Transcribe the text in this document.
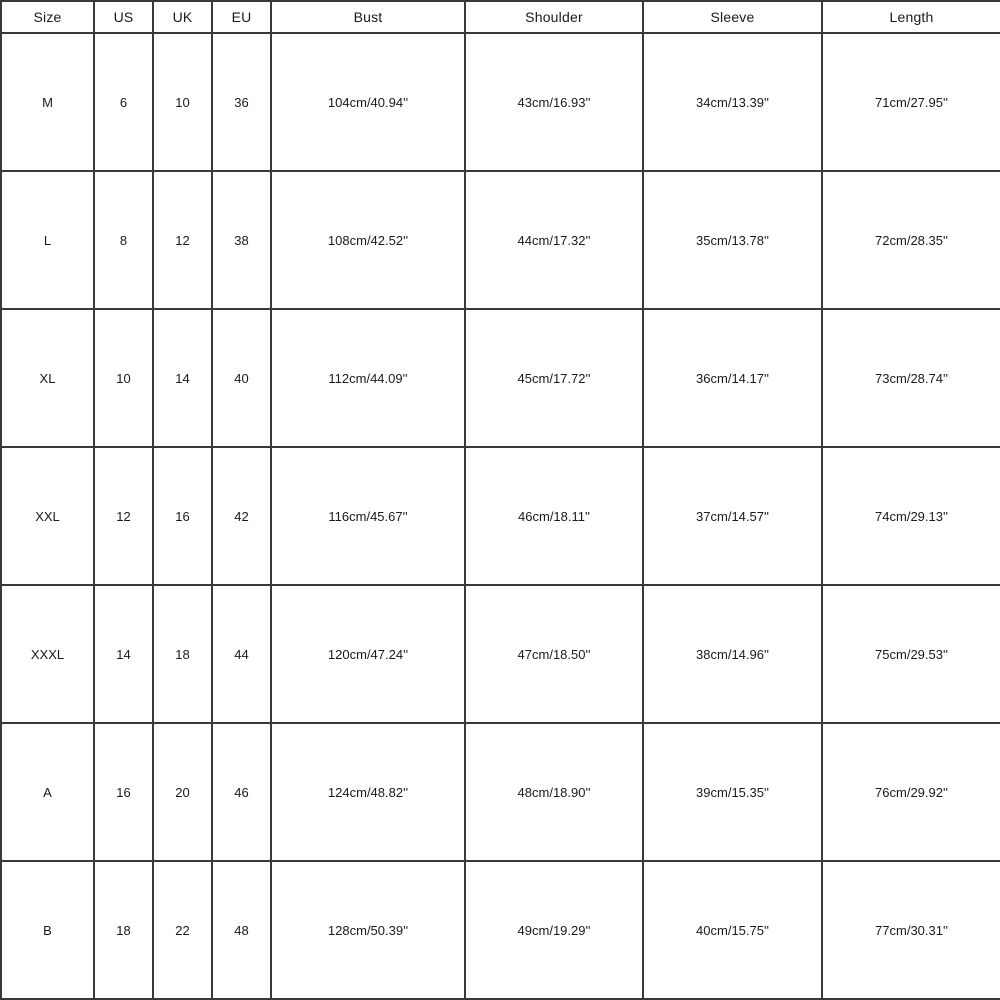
Size	US	UK	EU	Bust	Shoulder	Sleeve	Length
M	6	10	36	104cm/40.94''	43cm/16.93''	34cm/13.39''	71cm/27.95''
L	8	12	38	108cm/42.52''	44cm/17.32''	35cm/13.78''	72cm/28.35''
XL	10	14	40	112cm/44.09''	45cm/17.72''	36cm/14.17''	73cm/28.74''
XXL	12	16	42	116cm/45.67''	46cm/18.11''	37cm/14.57''	74cm/29.13''
XXXL	14	18	44	120cm/47.24''	47cm/18.50''	38cm/14.96''	75cm/29.53''
A	16	20	46	124cm/48.82''	48cm/18.90''	39cm/15.35''	76cm/29.92''
B	18	22	48	128cm/50.39''	49cm/19.29''	40cm/15.75''	77cm/30.31''
